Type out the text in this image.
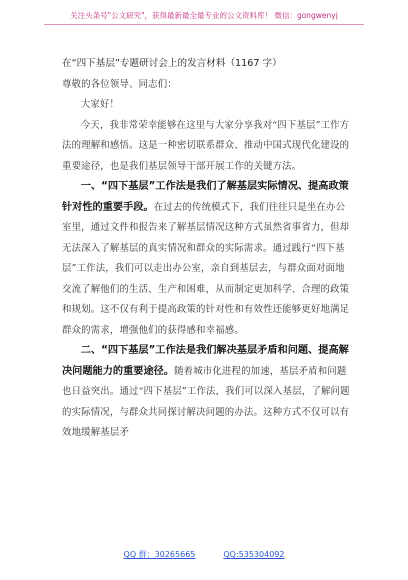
关注头条号"公文研究"，获得最新最全最专业的公文资料库！ 微信：gongwenyj

在“四下基层”专题研讨会上的发言材料（1167 字）

尊敬的各位领导、同志们：

大家好！

今天，我非常荣幸能够在这里与大家分享我对“四下基层”工作方法的理解和感悟。这是一种密切联系群众、推动中国式现代化建设的重要途径，也是我们基层领导干部开展工作的关键方法。

一、“四下基层”工作法是我们了解基层实际情况、提高政策针对性的重要手段。在过去的传统模式下，我们往往只是坐在办公室里，通过文件和报告来了解基层情况这种方式虽然省事省力，但却无法深入了解基层的真实情况和群众的实际需求。通过践行“四下基层”工作法，我们可以走出办公室，亲自到基层去，与群众面对面地交流了解他们的生活、生产和困难，从而制定更加科学、合理的政策和规划。这不仅有利于提高政策的针对性和有效性还能够更好地满足群众的需求，增强他们的获得感和幸福感。

二、“四下基层”工作法是我们解决基层矛盾和问题、提高解决问题能力的重要途径。随着城市化进程的加速，基层矛盾和问题也日益突出。通过“四下基层”工作法，我们可以深入基层，了解问题的实际情况，与群众共同探讨解决问题的办法。这种方式不仅可以有效地缓解基层矛

QQ 群：30265665	QQ:535304092
